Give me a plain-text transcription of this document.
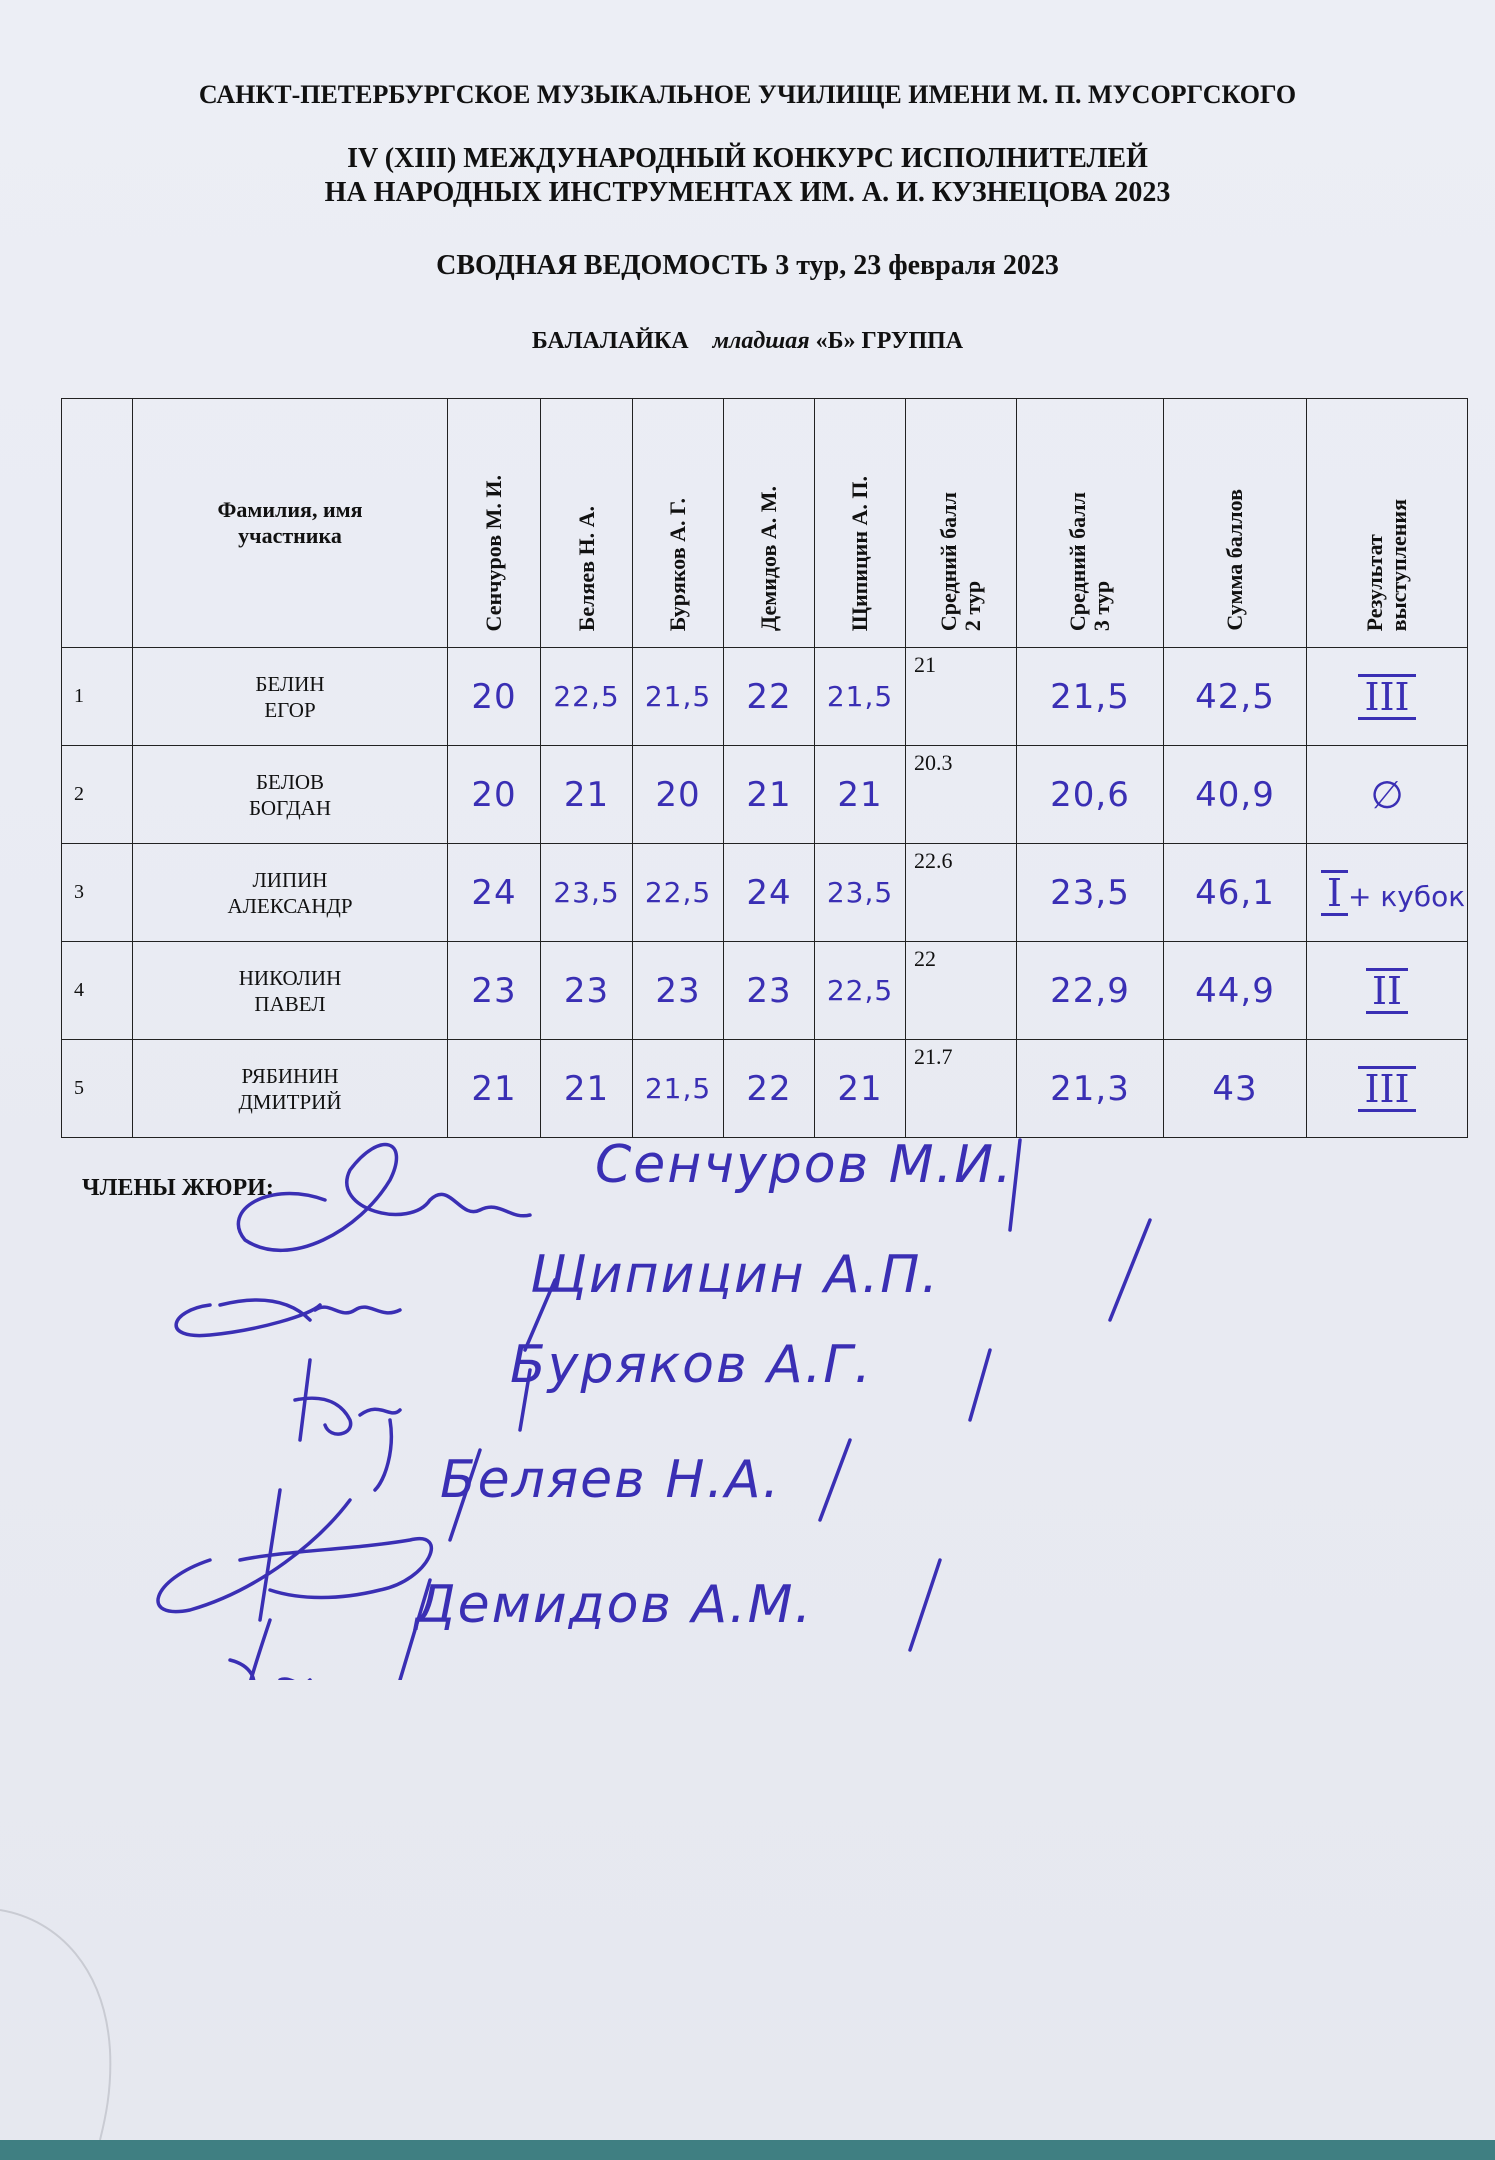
САНКТ-ПЕТЕРБУРГСКОЕ МУЗЫКАЛЬНОЕ УЧИЛИЩЕ ИМЕНИ М. П. МУСОРГСКОГО
IV (XIII) МЕЖДУНАРОДНЫЙ КОНКУРС ИСПОЛНИТЕЛЕЙ
НА НАРОДНЫХ ИНСТРУМЕНТАХ ИМ. А. И. КУЗНЕЦОВА 2023
СВОДНАЯ ВЕДОМОСТЬ 3 тур, 23 февраля 2023
БАЛАЛАЙКА младшая «Б» ГРУППА

	Фамилия, имя
участника	Сенчуров М. И.	Беляев Н. А.	Буряков А. Г.	Демидов А. М.	Щипицин А. П.	Средний балл
2 тур	Средний балл
3 тур	Сумма баллов	Результат
выступления

1	БЕЛИН
ЕГОР	20	22,5	21,5	22	21,5	21	21,5	42,5	III
2	БЕЛОВ
БОГДАН	20	21	20	21	21	20.3	20,6	40,9	∅
3	ЛИПИН
АЛЕКСАНДР	24	23,5	22,5	24	23,5	22.6	23,5	46,1	I + кубок
4	НИКОЛИН
ПАВЕЛ	23	23	23	23	22,5	22	22,9	44,9	II
5	РЯБИНИН
ДМИТРИЙ	21	21	21,5	22	21	21.7	21,3	43	III
ЧЛЕНЫ ЖЮРИ:	Сенчуров М.И.
Щипицин А.П.
Буряков А.Г.
Беляев Н.А.
Демидов А.М.
